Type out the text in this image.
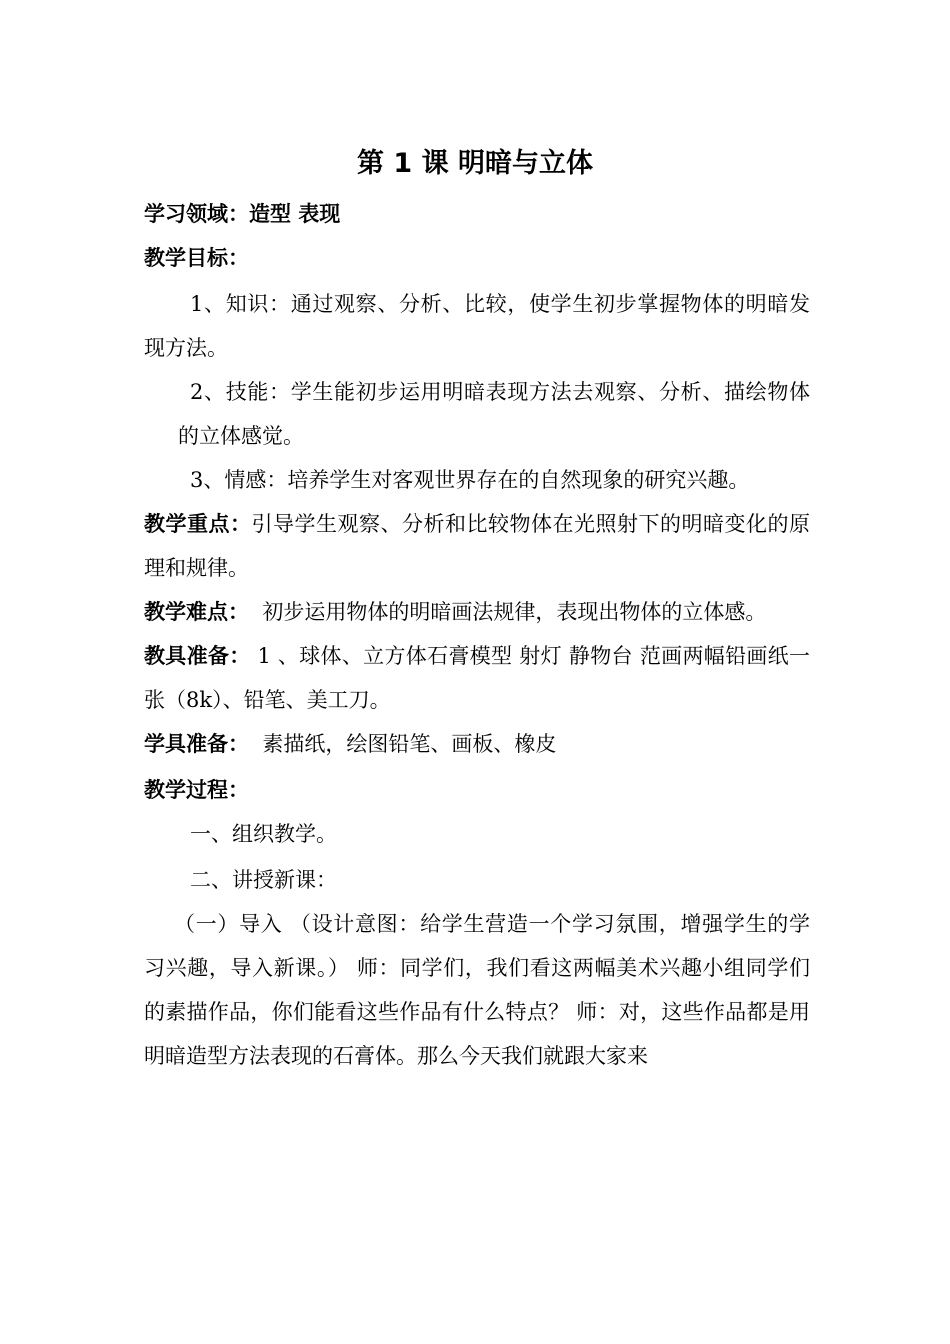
第 1 课 明暗与立体
学习领域：造型 表现
教学目标：
1、知识：通过观察、分析、比较，使学生初步掌握物体的明暗发现方法。
2、技能：学生能初步运用明暗表现方法去观察、分析、描绘物体的立体感觉。
3、情感：培养学生对客观世界存在的自然现象的研究兴趣。
教学重点：引导学生观察、分析和比较物体在光照射下的明暗变化的原理和规律。
教学难点：  初步运用物体的明暗画法规律，表现出物体的立体感。
教具准备： 1 、球体、立方体石膏模型 射灯 静物台 范画两幅铅画纸一张（8k）、铅笔、美工刀。
学具准备：  素描纸，绘图铅笔、画板、橡皮
教学过程：
一、组织教学。
二、讲授新课：
（一）导入 （设计意图：给学生营造一个学习氛围，增强学生的学习兴趣，导入新课。） 师：同学们，我们看这两幅美术兴趣小组同学们的素描作品，你们能看这些作品有什么特点？ 师：对，这些作品都是用明暗造型方法表现的石膏体。那么今天我们就跟大家来
